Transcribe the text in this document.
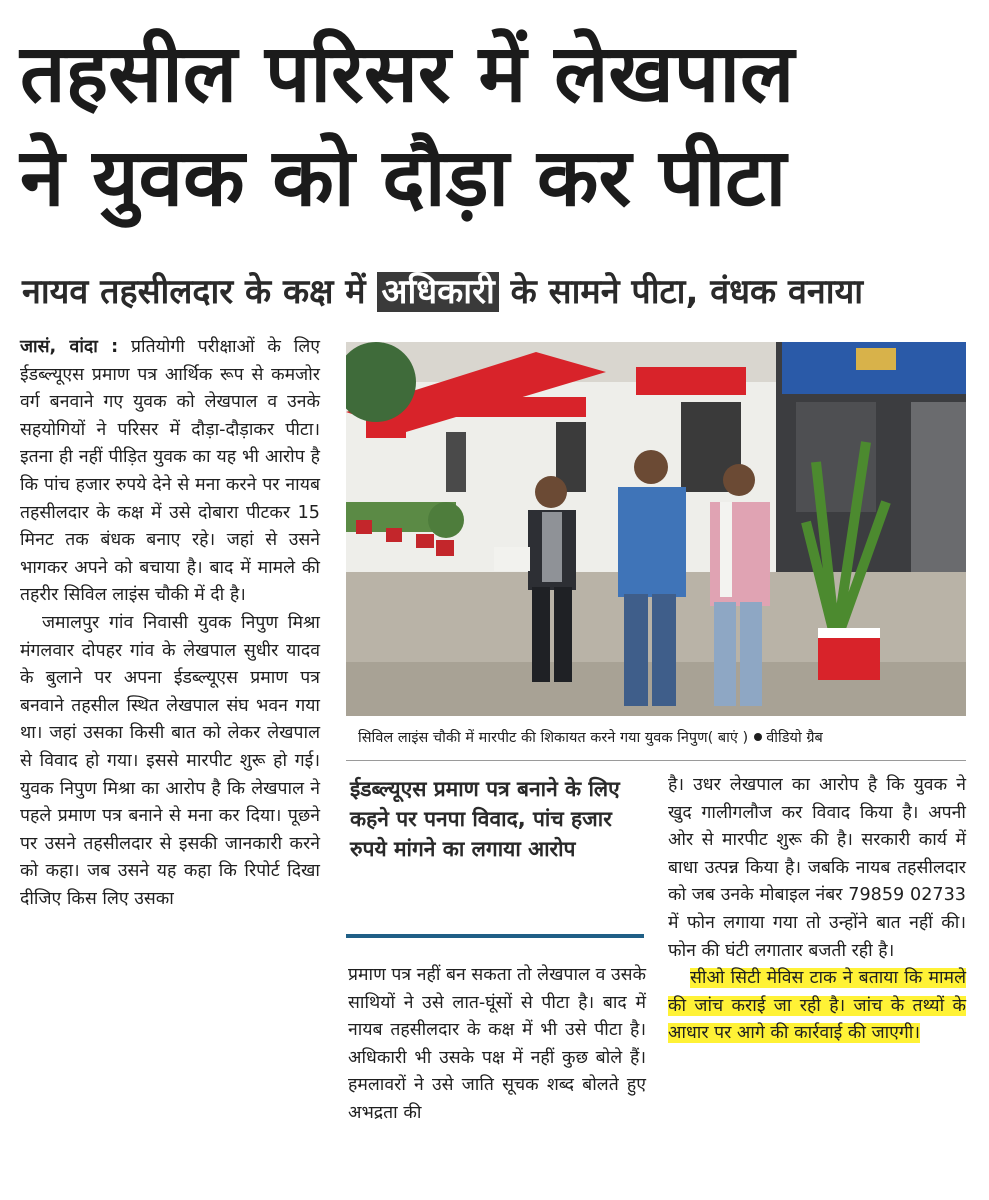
तहसील परिसर में लेखपाल
ने युवक को दौड़ा कर पीटा
नायव तहसीलदार के कक्ष में अधिकारी के सामने पीटा, वंधक वनाया

जासं, वांदा : प्रतियोगी परीक्षाओं के लिए ईडब्ल्यूएस प्रमाण पत्र आर्थिक रूप से कमजोर वर्ग बनवाने गए युवक को लेखपाल व उनके सहयोगियों ने परिसर में दौड़ा-दौड़ाकर पीटा। इतना ही नहीं पीड़ित युवक का यह भी आरोप है कि पांच हजार रुपये देने से मना करने पर नायब तहसीलदार के कक्ष में उसे दोबारा पीटकर 15 मिनट तक बंधक बनाए रहे। जहां से उसने भागकर अपने को बचाया है। बाद में मामले की तहरीर सिविल लाइंस चौकी में दी है।

जमालपुर गांव निवासी युवक निपुण मिश्रा मंगलवार दोपहर गांव के लेखपाल सुधीर यादव के बुलाने पर अपना ईडब्ल्यूएस प्रमाण पत्र बनवाने तहसील स्थित लेखपाल संघ भवन गया था। जहां उसका किसी बात को लेकर लेखपाल से विवाद हो गया। इससे मारपीट शुरू हो गई। युवक निपुण मिश्रा का आरोप है कि लेखपाल ने पहले प्रमाण पत्र बनाने से मना कर दिया। पूछने पर उसने तहसीलदार से इसकी जानकारी करने को कहा। जब उसने यह कहा कि रिपोर्ट दिखा दीजिए किस लिए उसका

सिविल लाइंस चौकी में मारपीट की शिकायत करने गया युवक निपुण( बाएं ) वीडियो ग्रैब
ईडब्ल्यूएस प्रमाण पत्र बनाने के लिए कहने पर पनपा विवाद, पांच हजार रुपये मांगने का लगाया आरोप

प्रमाण पत्र नहीं बन सकता तो लेखपाल व उसके साथियों ने उसे लात-घूंसों से पीटा है। बाद में नायब तहसीलदार के कक्ष में भी उसे पीटा है। अधिकारी भी उसके पक्ष में नहीं कुछ बोले हैं। हमलावरों ने उसे जाति सूचक शब्द बोलते हुए अभद्रता की

है। उधर लेखपाल का आरोप है कि युवक ने खुद गालीगलौज कर विवाद किया है। अपनी ओर से मारपीट शुरू की है। सरकारी कार्य में बाधा उत्पन्न किया है। जबकि नायब तहसीलदार को जब उनके मोबाइल नंबर 79859 02733 में फोन लगाया गया तो उन्होंने बात नहीं की। फोन की घंटी लगातार बजती रही है।

सीओ सिटी मेविस टाक ने बताया कि मामले की जांच कराई जा रही है। जांच के तथ्यों के आधार पर आगे की कार्रवाई की जाएगी।
